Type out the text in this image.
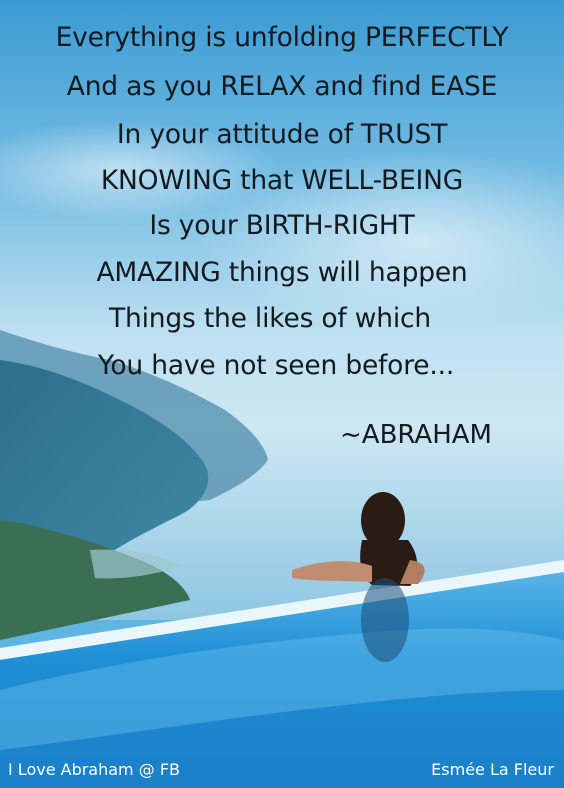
Everything is unfolding PERFECTLY
And as you RELAX and find EASE
In your attitude of TRUST
KNOWING that WELL-BEING
Is your BIRTH-RIGHT
AMAZING things will happen
Things the likes of which
You have not seen before...
~ABRAHAM
I Love Abraham @ FB	Esmée La Fleur
